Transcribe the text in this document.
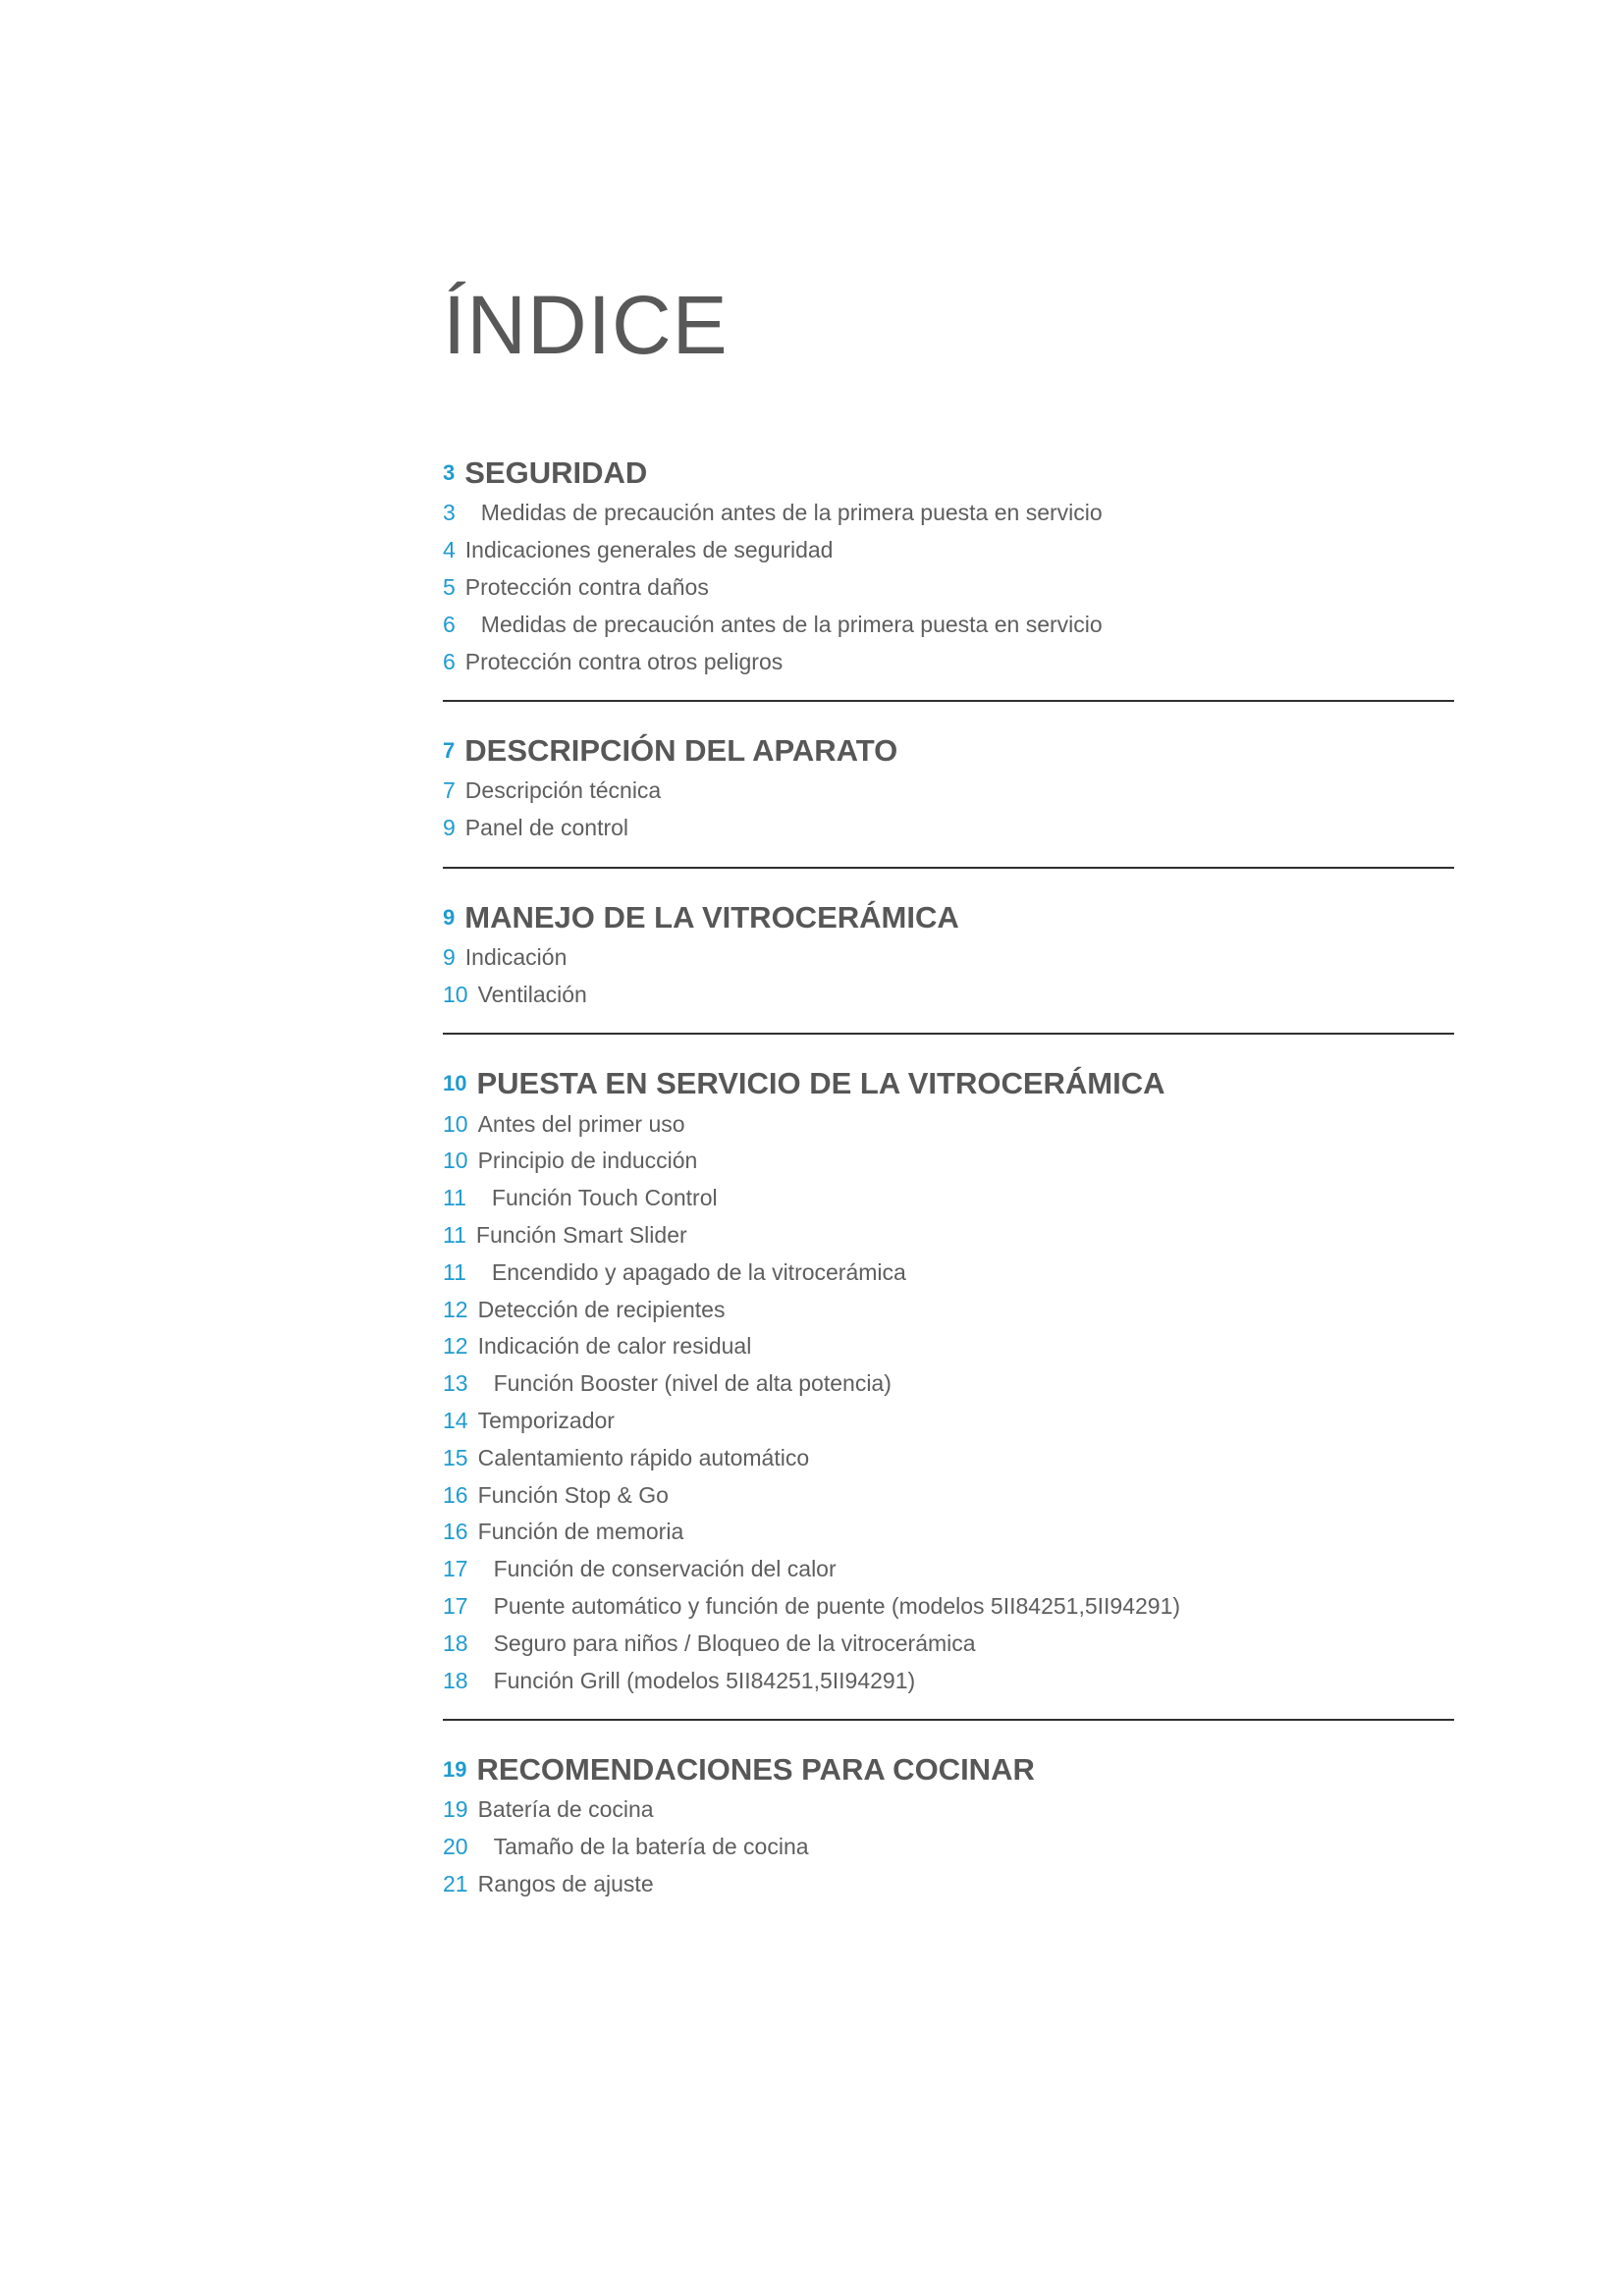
ÍNDICE
3 SEGURIDAD
3 Medidas de precaución antes de la primera puesta en servicio
4 Indicaciones generales de seguridad
5 Protección contra daños
6 Medidas de precaución antes de la primera puesta en servicio
6 Protección contra otros peligros
7 DESCRIPCIÓN DEL APARATO
7 Descripción técnica
9 Panel de control
9 MANEJO DE LA VITROCERÁMICA
9 Indicación
10 Ventilación
10 PUESTA EN SERVICIO DE LA VITROCERÁMICA
10 Antes del primer uso
10 Principio de inducción
11 Función Touch Control
11 Función Smart Slider
11 Encendido y apagado de la vitrocerámica
12 Detección de recipientes
12 Indicación de calor residual
13 Función Booster (nivel de alta potencia)
14 Temporizador
15 Calentamiento rápido automático
16 Función Stop & Go
16 Función de memoria
17 Función de conservación del calor
17 Puente automático y función de puente (modelos 5II84251,5II94291)
18 Seguro para niños / Bloqueo de la vitrocerámica
18 Función Grill (modelos 5II84251,5II94291)
19 RECOMENDACIONES PARA COCINAR
19 Batería de cocina
20 Tamaño de la batería de cocina
21 Rangos de ajuste
